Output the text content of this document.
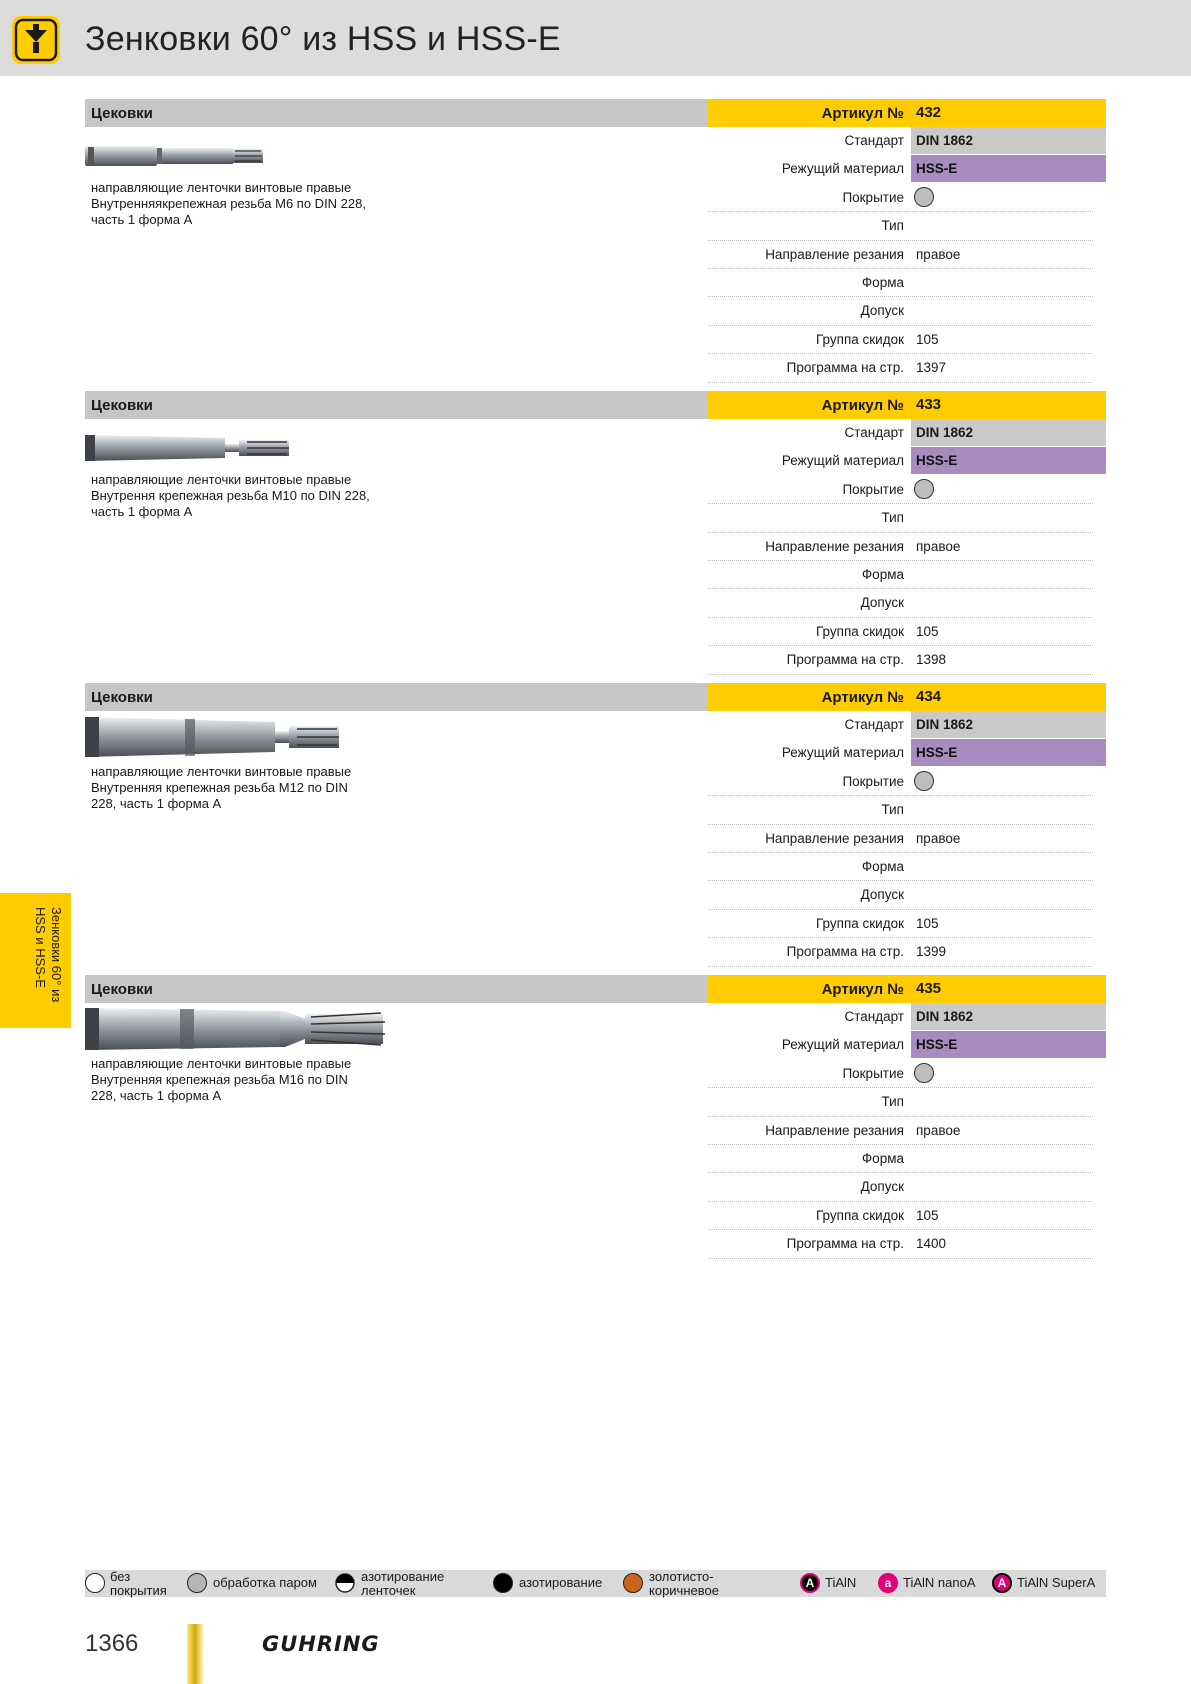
Зенковки 60° из HSS и HSS-E
Цековки
направляющие ленточки винтовые правые
Внутренняякрепежная резьба M6 по DIN 228,
часть 1 форма А
Артикул № 432
Стандарт DIN 1862
Режущий материал HSS-E
Покрытие
Тип
Направление резания правое
Форма
Допуск
Группа скидок 105
Программа на стр. 1397
Цековки
направляющие ленточки винтовые правые
Внутрення крепежная резьба M10 по DIN 228,
часть 1 форма А
Артикул № 433
Стандарт DIN 1862
Режущий материал HSS-E
Покрытие
Тип
Направление резания правое
Форма
Допуск
Группа скидок 105
Программа на стр. 1398
Цековки
направляющие ленточки винтовые правые
Внутренняя крепежная резьба M12 по DIN
228, часть 1 форма А
Артикул № 434
Стандарт DIN 1862
Режущий материал HSS-E
Покрытие
Тип
Направление резания правое
Форма
Допуск
Группа скидок 105
Программа на стр. 1399
Цековки
направляющие ленточки винтовые правые
Внутренняя крепежная резьба M16 по DIN
228, часть 1 форма А
Артикул № 435
Стандарт DIN 1862
Режущий материал HSS-E
Покрытие
Тип
Направление резания правое
Форма
Допуск
Группа скидок 105
Программа на стр. 1400
Зенковки 60° из HSS и HSS-E
без покрытия
обработка паром	азотирование
ленточек
азотирование	золотисто-
коричневое	A TiAlN	a TiAlN nanoA	A TiAlN SuperA
1366	GUHRING
